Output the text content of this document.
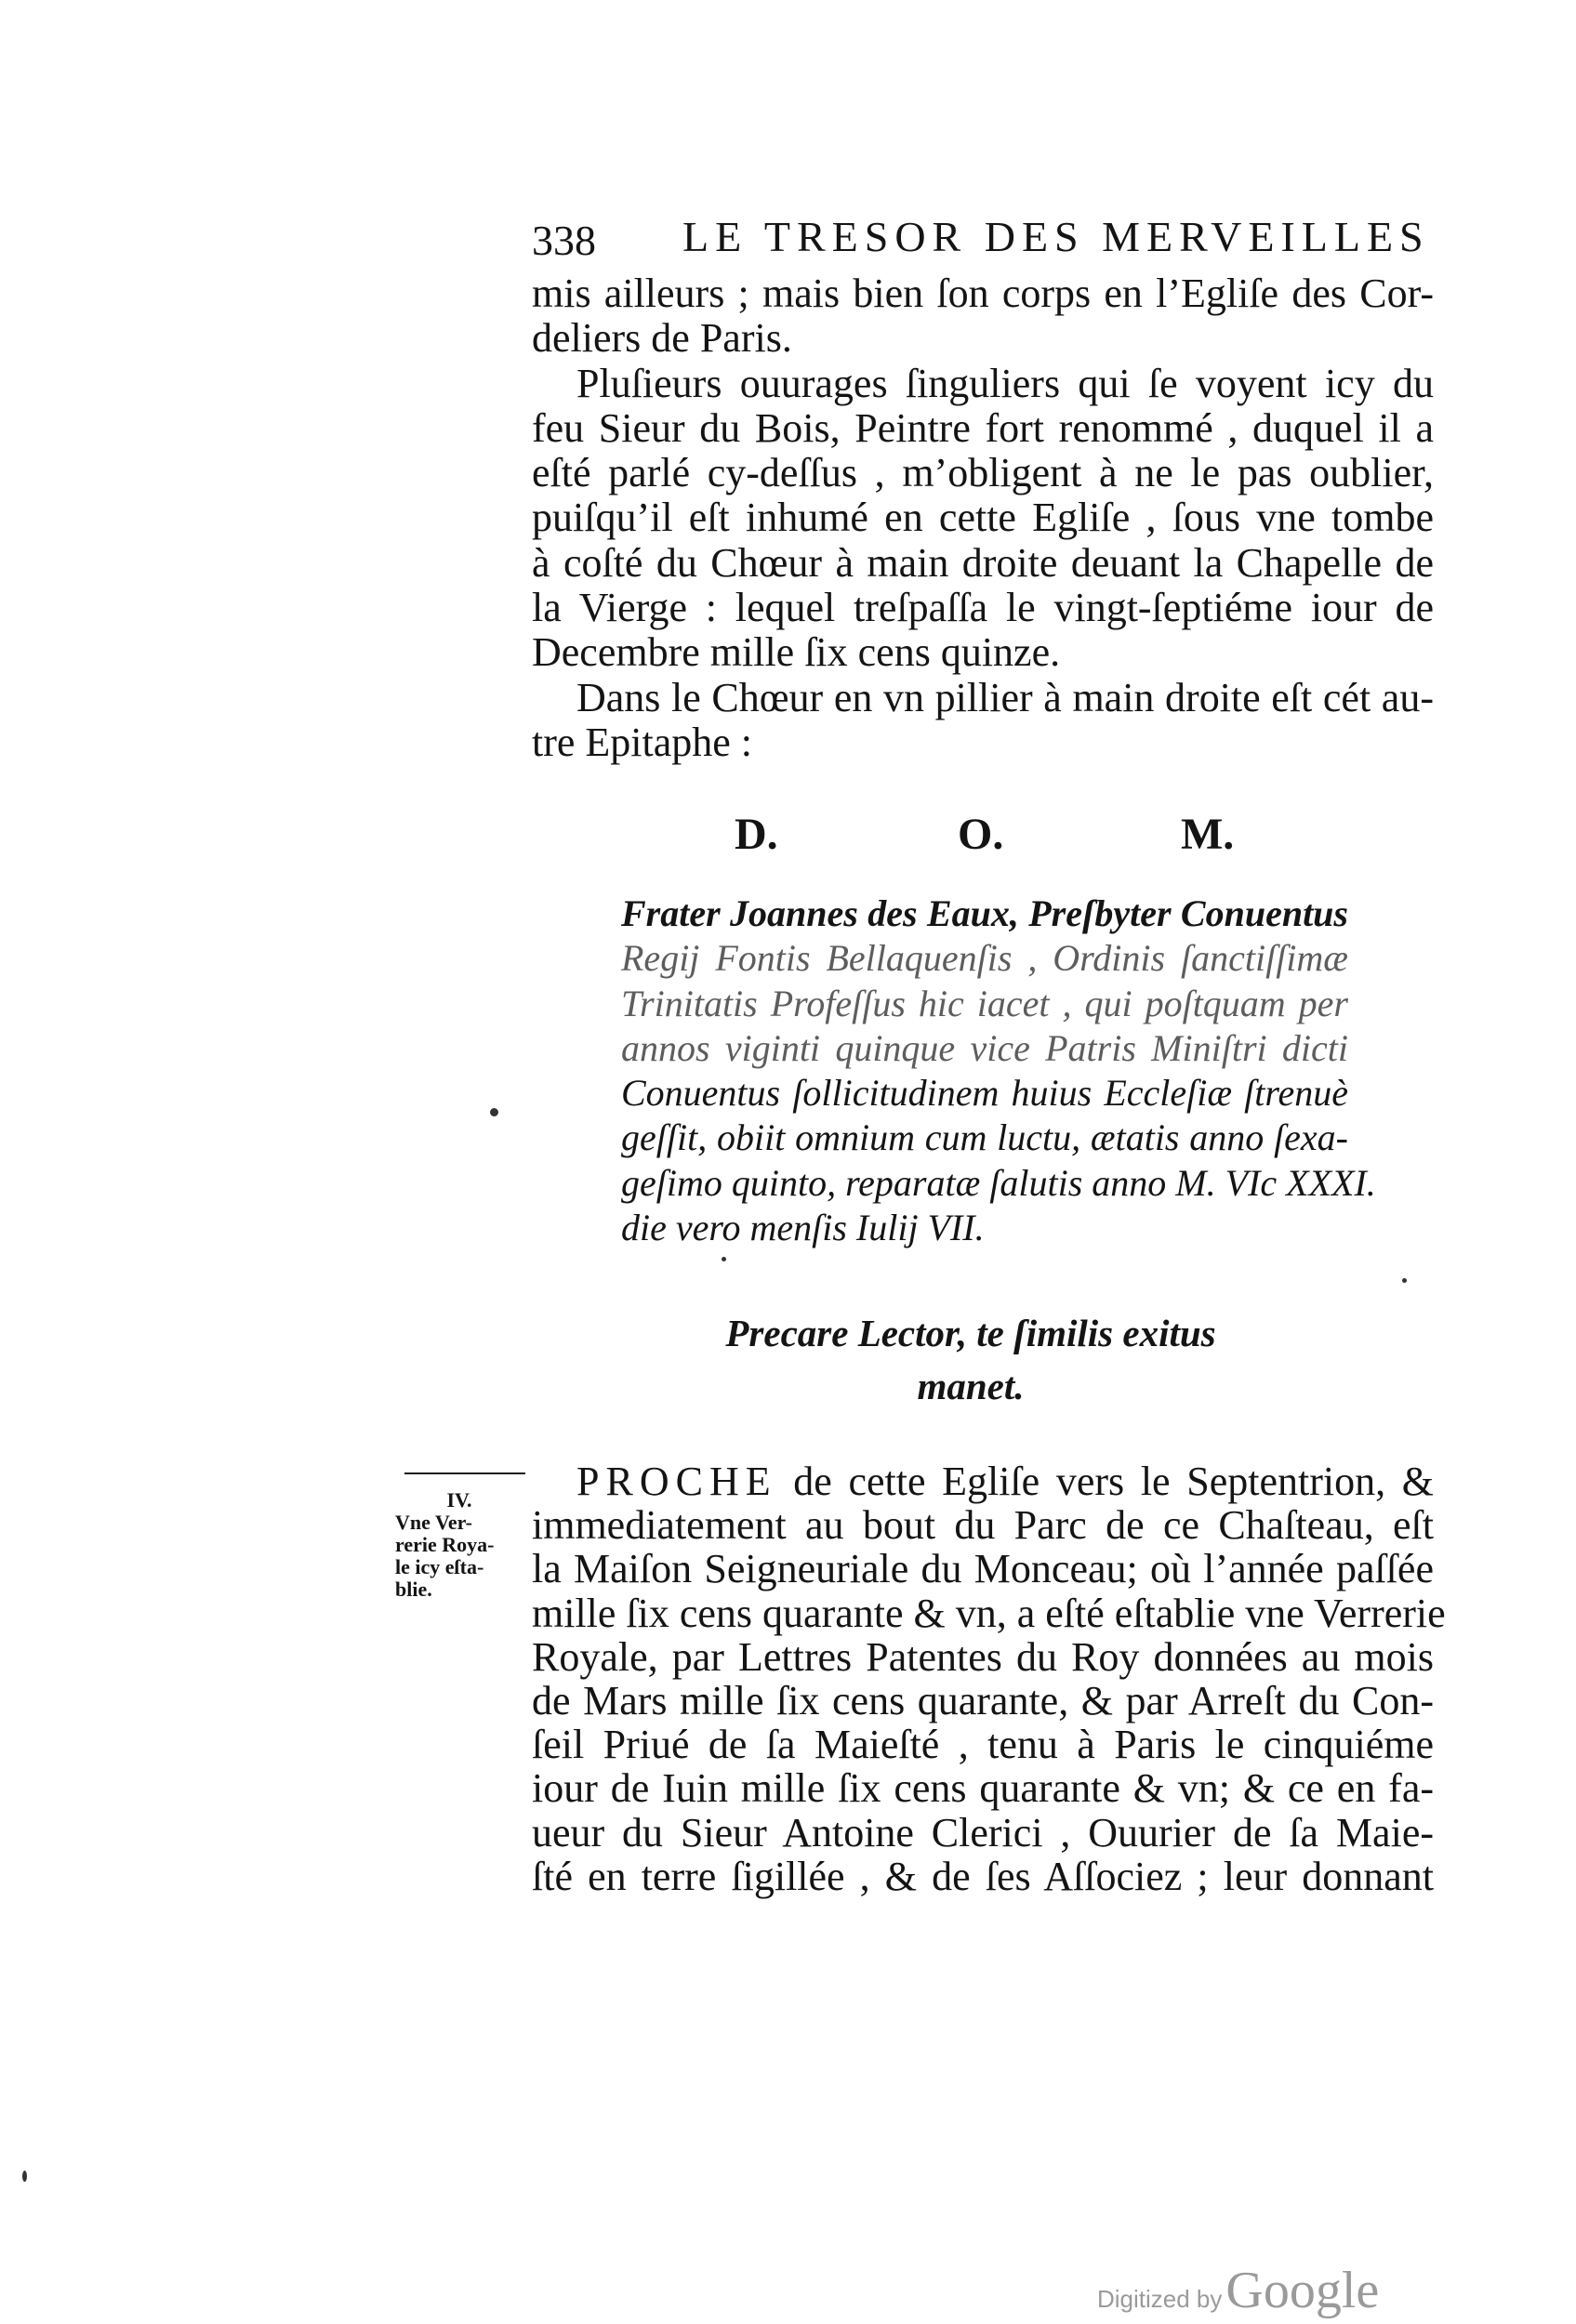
338 LE TRESOR DES MERVEILLES
mis ailleurs ; mais bien ſon corps en l’Egliſe des Cor-
deliers de Paris.
Pluſieurs ouurages ſinguliers qui ſe voyent icy du
feu Sieur du Bois, Peintre fort renommé , duquel il a
eſté parlé cy-deſſus , m’obligent à ne le pas oublier,
puiſqu’il eſt inhumé en cette Egliſe , ſous vne tombe
à coſté du Chœur à main droite deuant la Chapelle de
la Vierge : lequel treſpaſſa le vingt-ſeptiéme iour de
Decembre mille ſix cens quinze.
Dans le Chœur en vn pillier à main droite eſt cét au-
tre Epitaphe :
D.	O.	M.
Frater Joannes des Eaux, Preſbyter Conuentus
Regij Fontis Bellaquenſis , Ordinis ſanctiſſimæ
Trinitatis Profeſſus hic iacet , qui poſtquam per
annos viginti quinque vice Patris Miniſtri dicti
Conuentus ſollicitudinem huius Eccleſiæ ſtrenuè
geſſit, obiit omnium cum luctu, ætatis anno ſexa-
geſimo quinto, reparatæ ſalutis anno M. VIc XXXI.
die vero menſis Iulij VII.
Precare Lector, te ſimilis exitus
manet.
IV.
Vne Ver-
rerie Roya-
le icy eſta-
blie.
PROCHE de cette Egliſe vers le Septentrion, &
immediatement au bout du Parc de ce Chaſteau, eſt
la Maiſon Seigneuriale du Monceau; où l’année paſſée
mille ſix cens quarante & vn, a eſté eſtablie vne Verrerie
Royale, par Lettres Patentes du Roy données au mois
de Mars mille ſix cens quarante, & par Arreſt du Con-
ſeil Priué de ſa Maieſté , tenu à Paris le cinquiéme
iour de Iuin mille ſix cens quarante & vn; & ce en fa-
ueur du Sieur Antoine Clerici , Ouurier de ſa Maie-
ſté en terre ſigillée , & de ſes Aſſociez ; leur donnant
Digitized by Google
